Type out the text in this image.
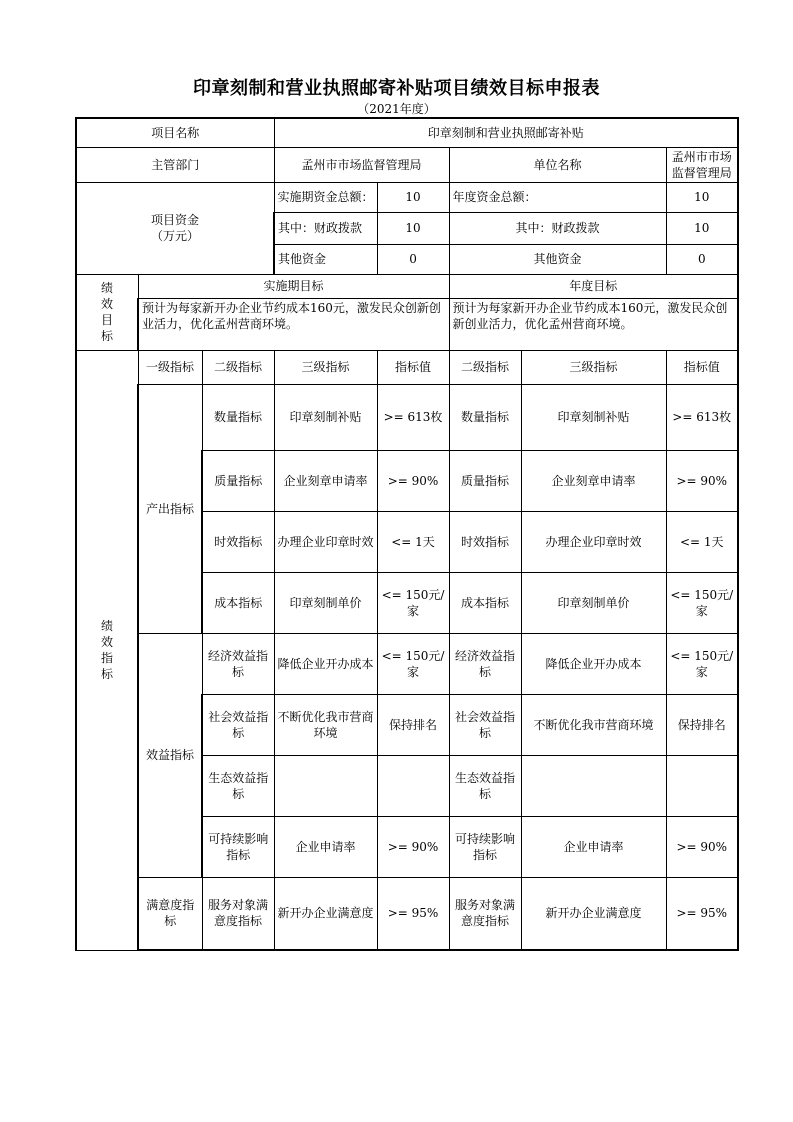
印章刻制和营业执照邮寄补贴项目绩效目标申报表
（2021年度）
项目名称			印章刻制和营业执照邮寄补贴				
主管部门			孟州市市场监督管理局		单位名称		孟州市市场监督管理局

项目资金
（万元）			实施期资金总额：	10	年度资金总额：		10
			其中：财政拨款	10	其中：财政拨款		10
			其他资金	0	其他资金		0

绩效目标	实施期目标				年度目标		
	预计为每家新开办企业节约成本160元，激发民众创新创业活力，优化孟州营商环境。				预计为每家新开办企业节约成本160元，激发民众创新创业活力，优化孟州营商环境。		

绩效指标	一级指标	二级指标	三级指标	指标值	二级指标	三级指标	指标值
	产出指标	数量指标	印章刻制补贴	>= 613枚	数量指标	印章刻制补贴	>= 613枚
		质量指标	企业刻章申请率	>= 90%	质量指标	企业刻章申请率	>= 90%
		时效指标	办理企业印章时效	<= 1天	时效指标	办理企业印章时效	<= 1天
		成本指标	印章刻制单价	<= 150元/家	成本指标	印章刻制单价	<= 150元/家
	效益指标	经济效益指标	降低企业开办成本	<= 150元/家	经济效益指标	降低企业开办成本	<= 150元/家
		社会效益指标	不断优化我市营商环境	保持排名	社会效益指标	不断优化我市营商环境	保持排名
		生态效益指标			生态效益指标		
		可持续影响指标	企业申请率	>= 90%	可持续影响指标	企业申请率	>= 90%
	满意度指标	服务对象满意度指标	新开办企业满意度	>= 95%	服务对象满意度指标	新开办企业满意度	>= 95%
